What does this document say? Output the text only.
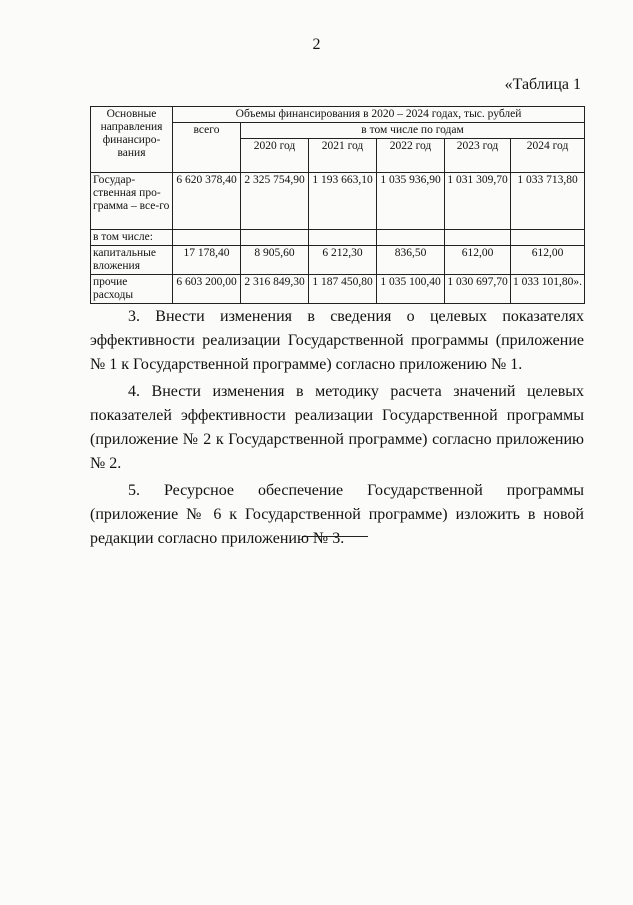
2
«Таблица 1
Основные направления финансиро-вания	Объемы финансирования в 2020 – 2024 годах, тыс. рублей					
	всего	в том числе по годам				
		2020 год	2021 год	2022 год	2023 год	2024 год
Государ-ственная про-грамма – все-го	6 620 378,40	2 325 754,90	1 193 663,10	1 035 936,90	1 031 309,70	1 033 713,80
в том числе:						
капитальные вложения	17 178,40	8 905,60	6 212,30	836,50	612,00	612,00
прочие расходы	6 603 200,00	2 316 849,30	1 187 450,80	1 035 100,40	1 030 697,70	1 033 101,80».

3. Внести изменения в сведения о целевых показателях эффективности реализации Государственной программы (приложение № 1 к Государственной программе) согласно приложению № 1.

4. Внести изменения в методику расчета значений целевых показателей эффективности реализации Государственной программы (приложение № 2 к Государственной программе) согласно приложению № 2.

5. Ресурсное обеспечение Государственной программы (приложение № 6 к Государственной программе) изложить в новой редакции согласно приложению № 3.
